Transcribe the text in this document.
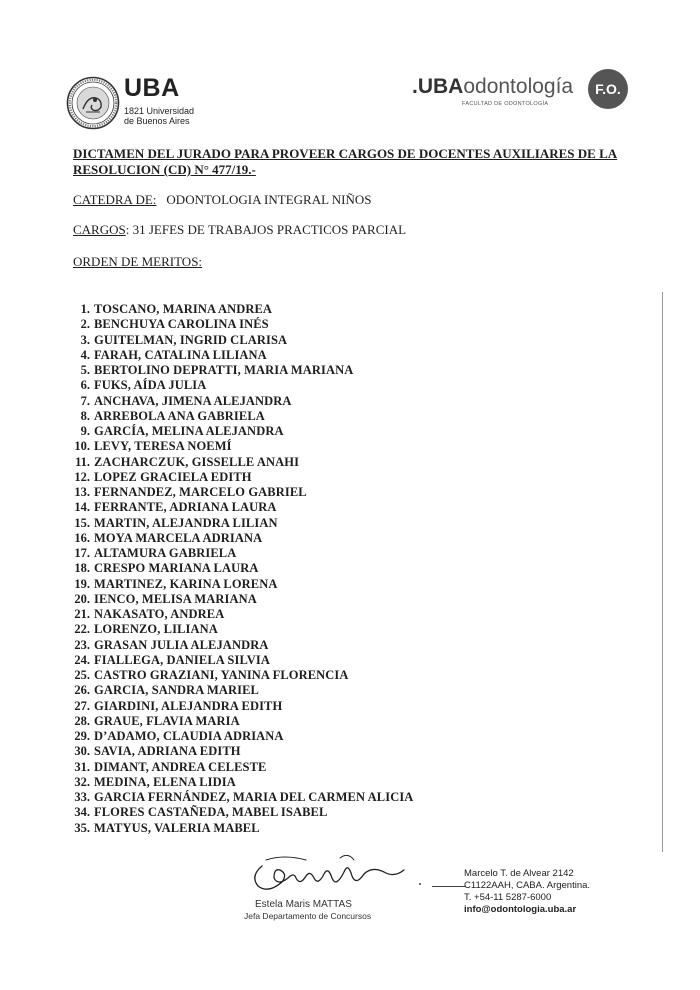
UBA
1821 Universidad
de Buenos Aires
.UBAodontología
FACULTAD DE ODONTOLOGÍA
F.O.
DICTAMEN DEL JURADO PARA PROVEER CARGOS DE DOCENTES AUXILIARES DE LA RESOLUCION (CD) N° 477/19.-
CATEDRA DE: ODONTOLOGIA INTEGRAL NIÑOS
CARGOS: 31 JEFES DE TRABAJOS PRACTICOS PARCIAL
ORDEN DE MERITOS:
1. TOSCANO, MARINA ANDREA
2. BENCHUYA CAROLINA INÉS
3. GUITELMAN, INGRID CLARISA
4. FARAH, CATALINA LILIANA
5. BERTOLINO DEPRATTI, MARIA MARIANA
6. FUKS, AÍDA JULIA
7. ANCHAVA, JIMENA ALEJANDRA
8. ARREBOLA ANA GABRIELA
9. GARCÍA, MELINA ALEJANDRA
10. LEVY, TERESA NOEMÍ
11. ZACHARCZUK, GISSELLE ANAHI
12. LOPEZ GRACIELA EDITH
13. FERNANDEZ, MARCELO GABRIEL
14. FERRANTE, ADRIANA LAURA
15. MARTIN, ALEJANDRA LILIAN
16. MOYA MARCELA ADRIANA
17. ALTAMURA GABRIELA
18. CRESPO MARIANA LAURA
19. MARTINEZ, KARINA LORENA
20. IENCO, MELISA MARIANA
21. NAKASATO, ANDREA
22. LORENZO, LILIANA
23. GRASAN JULIA ALEJANDRA
24. FIALLEGA, DANIELA SILVIA
25. CASTRO GRAZIANI, YANINA FLORENCIA
26. GARCIA, SANDRA MARIEL
27. GIARDINI, ALEJANDRA EDITH
28. GRAUE, FLAVIA MARIA
29. D’ADAMO, CLAUDIA ADRIANA
30. SAVIA, ADRIANA EDITH
31. DIMANT, ANDREA CELESTE
32. MEDINA, ELENA LIDIA
33. GARCIA FERNÁNDEZ, MARIA DEL CARMEN ALICIA
34. FLORES CASTAÑEDA, MABEL ISABEL
35. MATYUS, VALERIA MABEL
Estela Maris MATTAS
Jefa Departamento de Concursos
Marcelo T. de Alvear 2142
C1122AAH, CABA. Argentina.
T. +54-11 5287-6000
info@odontologia.uba.ar
